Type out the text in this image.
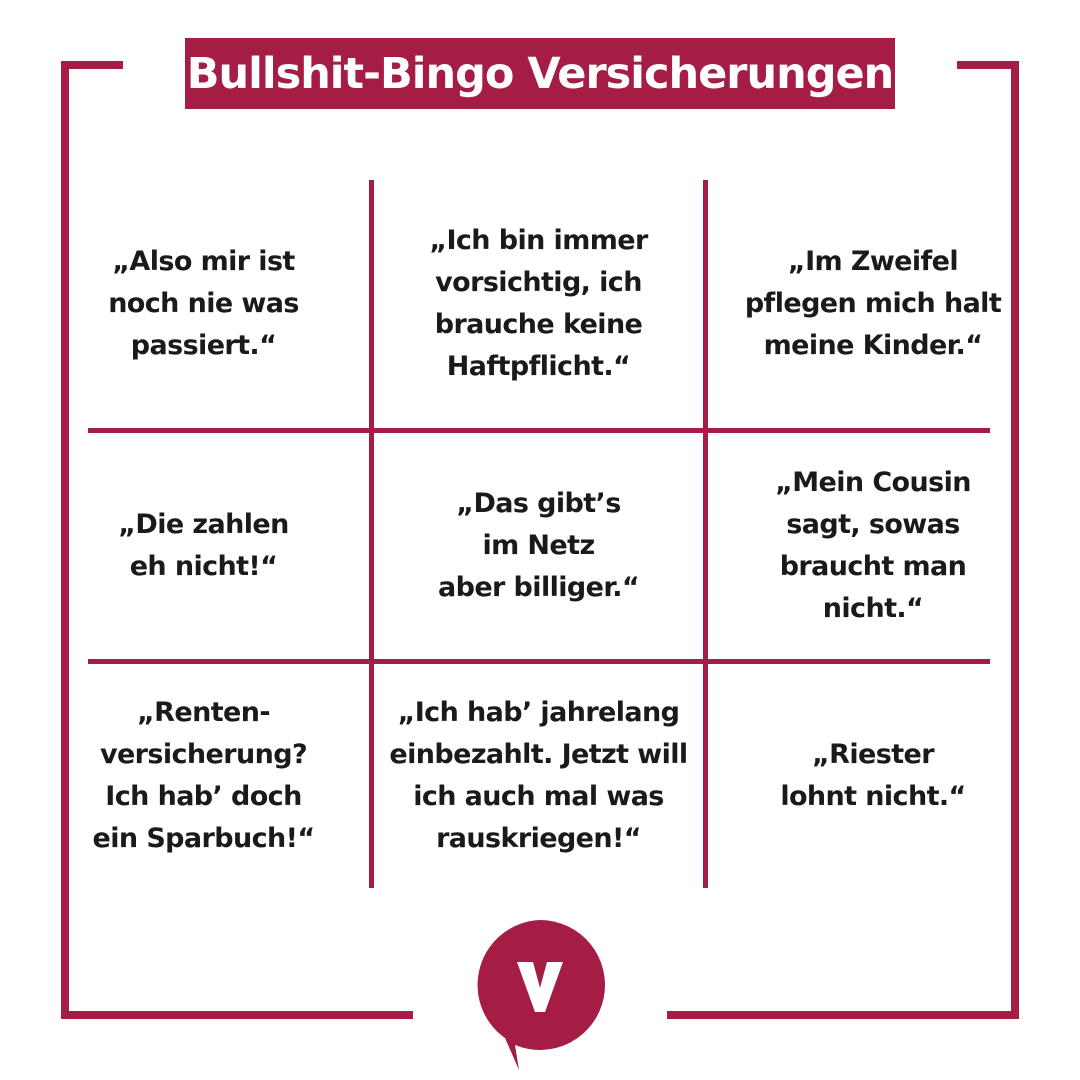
Bullshit-Bingo Versicherungen
„Also mir ist
noch nie was
passiert.“
„Ich bin immer
vorsichtig, ich
brauche keine
Haftpflicht.“
„Im Zweifel
pflegen mich halt
meine Kinder.“
„Die zahlen
eh nicht!“
„Das gibt’s
im Netz
aber billiger.“
„Mein Cousin
sagt, sowas
braucht man
nicht.“
„Renten-
versicherung?
Ich hab’ doch
ein Sparbuch!“
„Ich hab’ jahrelang
einbezahlt. Jetzt will
ich auch mal was
rauskriegen!“
„Riester
lohnt nicht.“
